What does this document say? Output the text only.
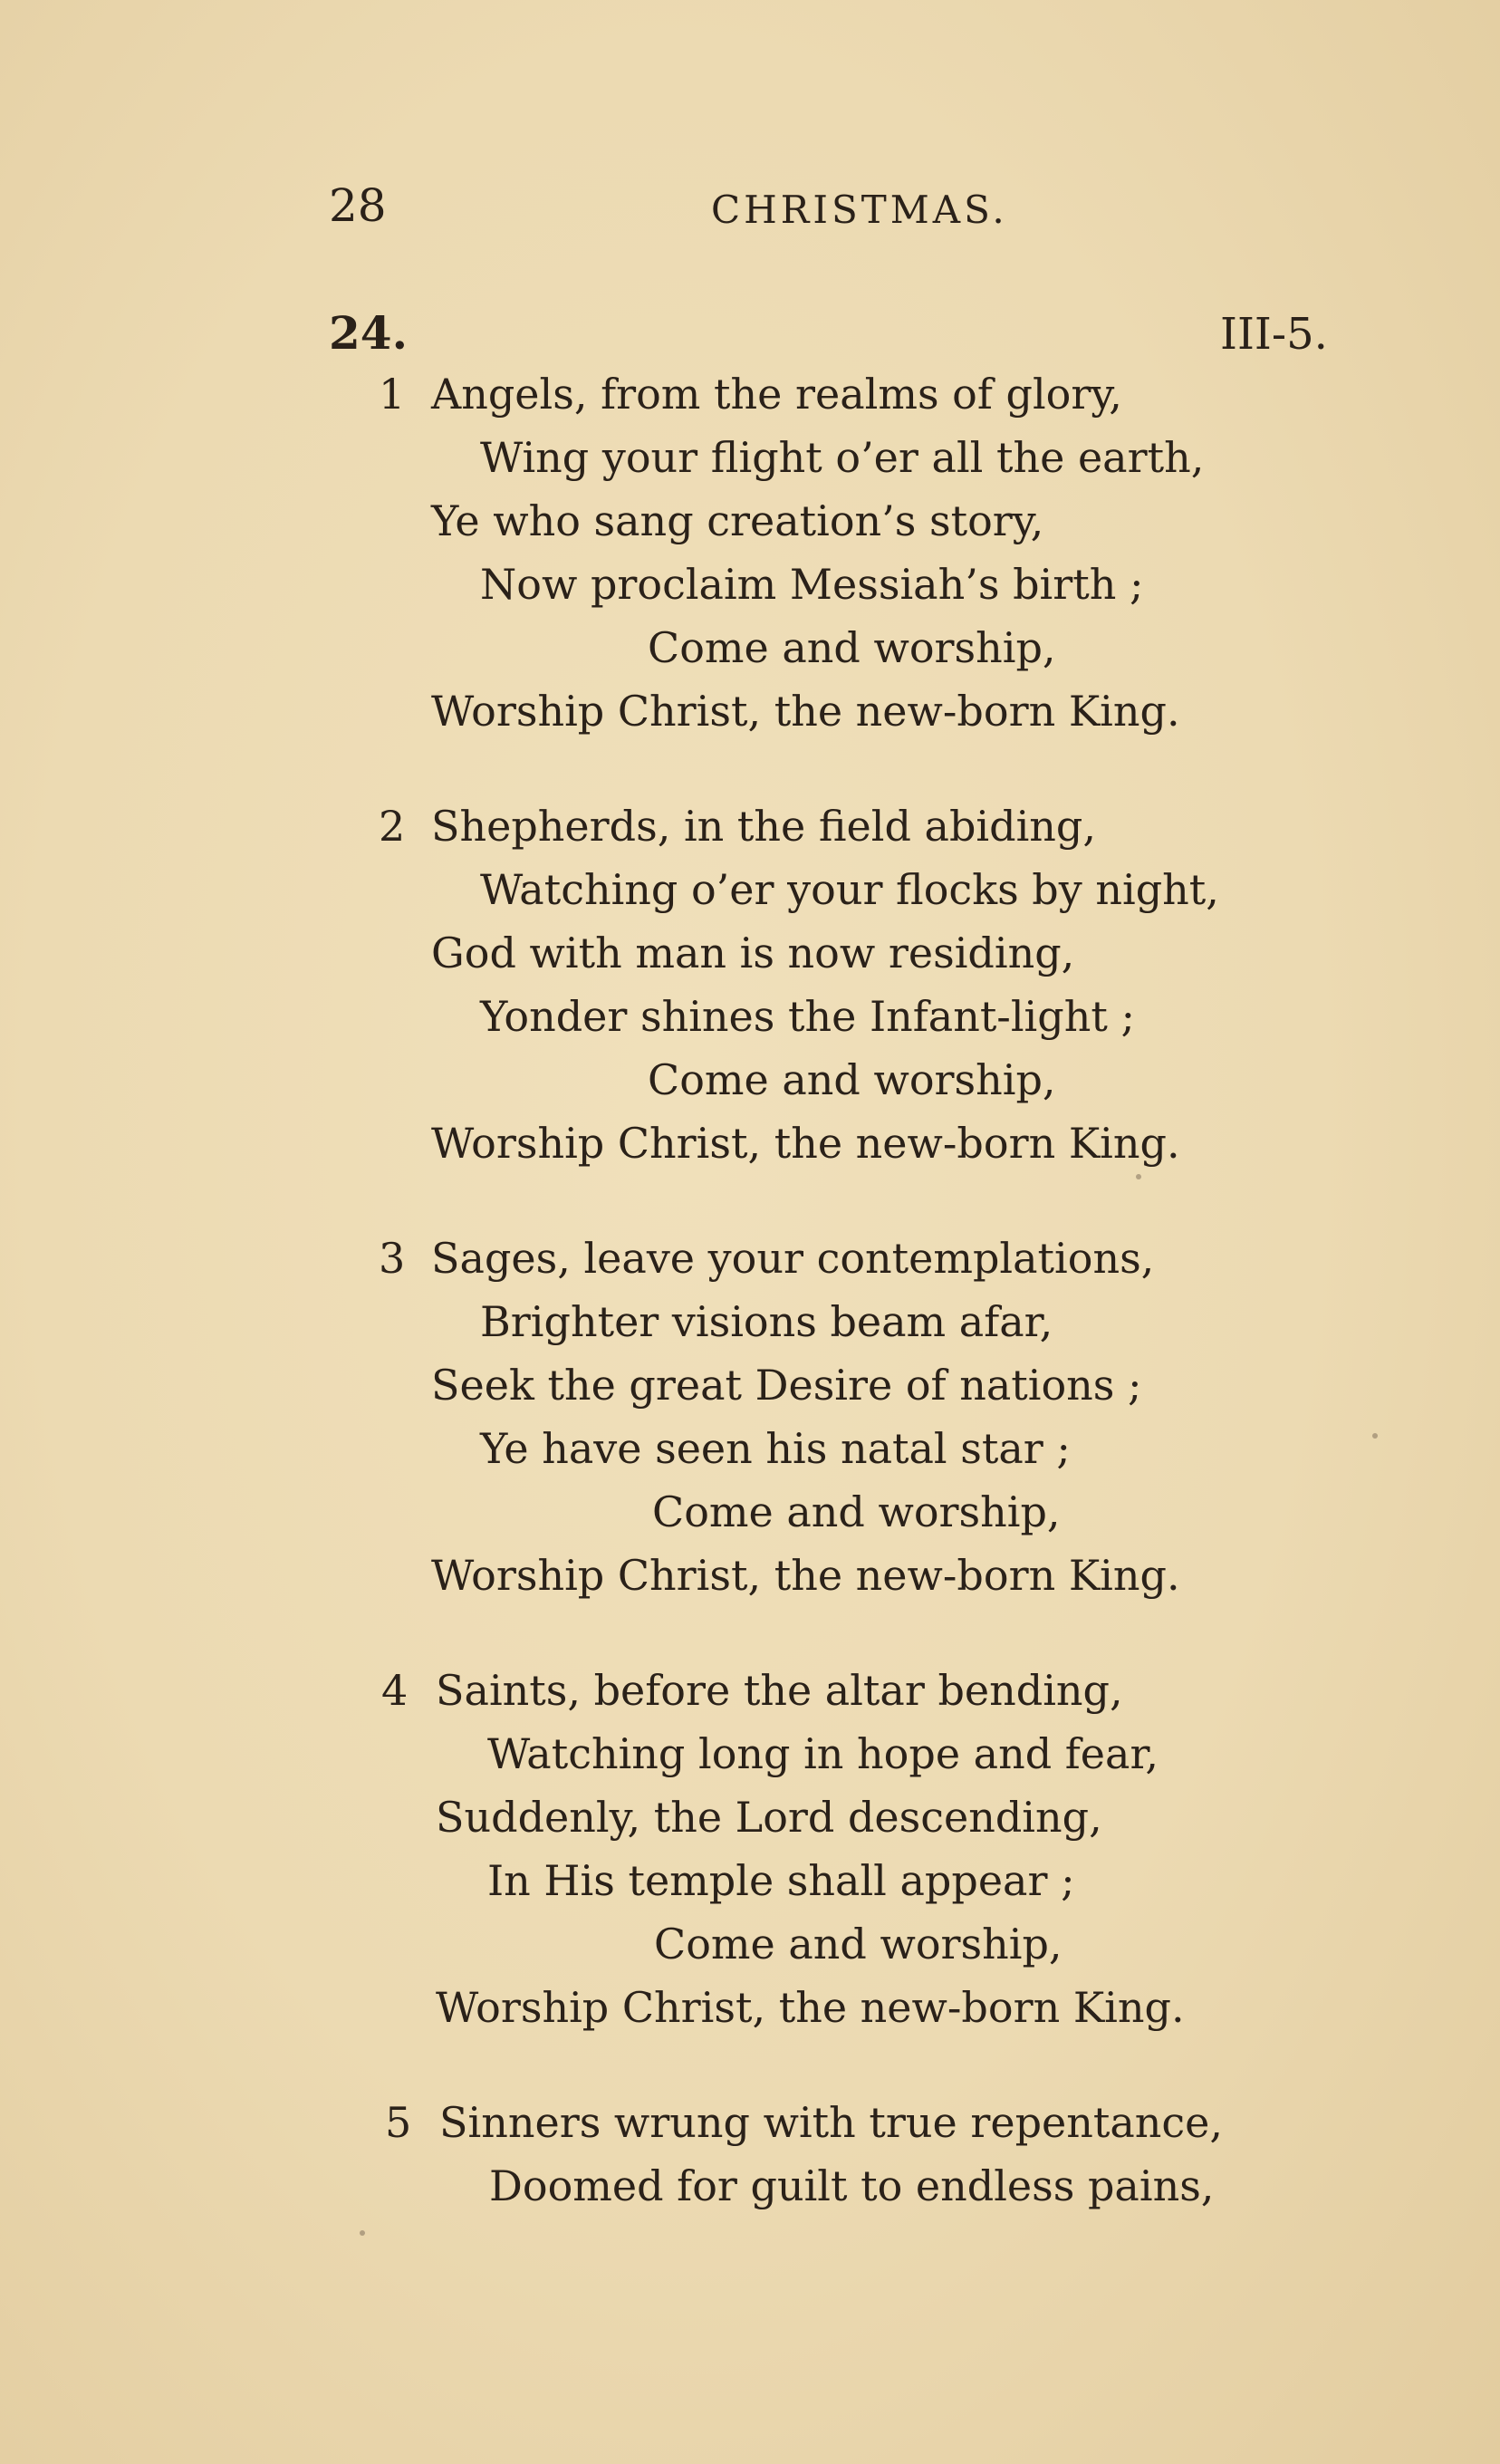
28	CHRISTMAS.
24.	III-5.
1 Angels, from the realms of glory,
Wing your flight o’er all the earth,
Ye who sang creation’s story,
Now proclaim Messiah’s birth ;
Come and worship,
Worship Christ, the new-born King.
2 Shepherds, in the field abiding,
Watching o’er your flocks by night,
God with man is now residing,
Yonder shines the Infant-light ;
Come and worship,
Worship Christ, the new-born King.
3 Sages, leave your contemplations,
Brighter visions beam afar,
Seek the great Desire of nations ;
Ye have seen his natal star ;
Come and worship,
Worship Christ, the new-born King.
4 Saints, before the altar bending,
Watching long in hope and fear,
Suddenly, the Lord descending,
In His temple shall appear ;
Come and worship,
Worship Christ, the new-born King.
5 Sinners wrung with true repentance,
Doomed for guilt to endless pains,
